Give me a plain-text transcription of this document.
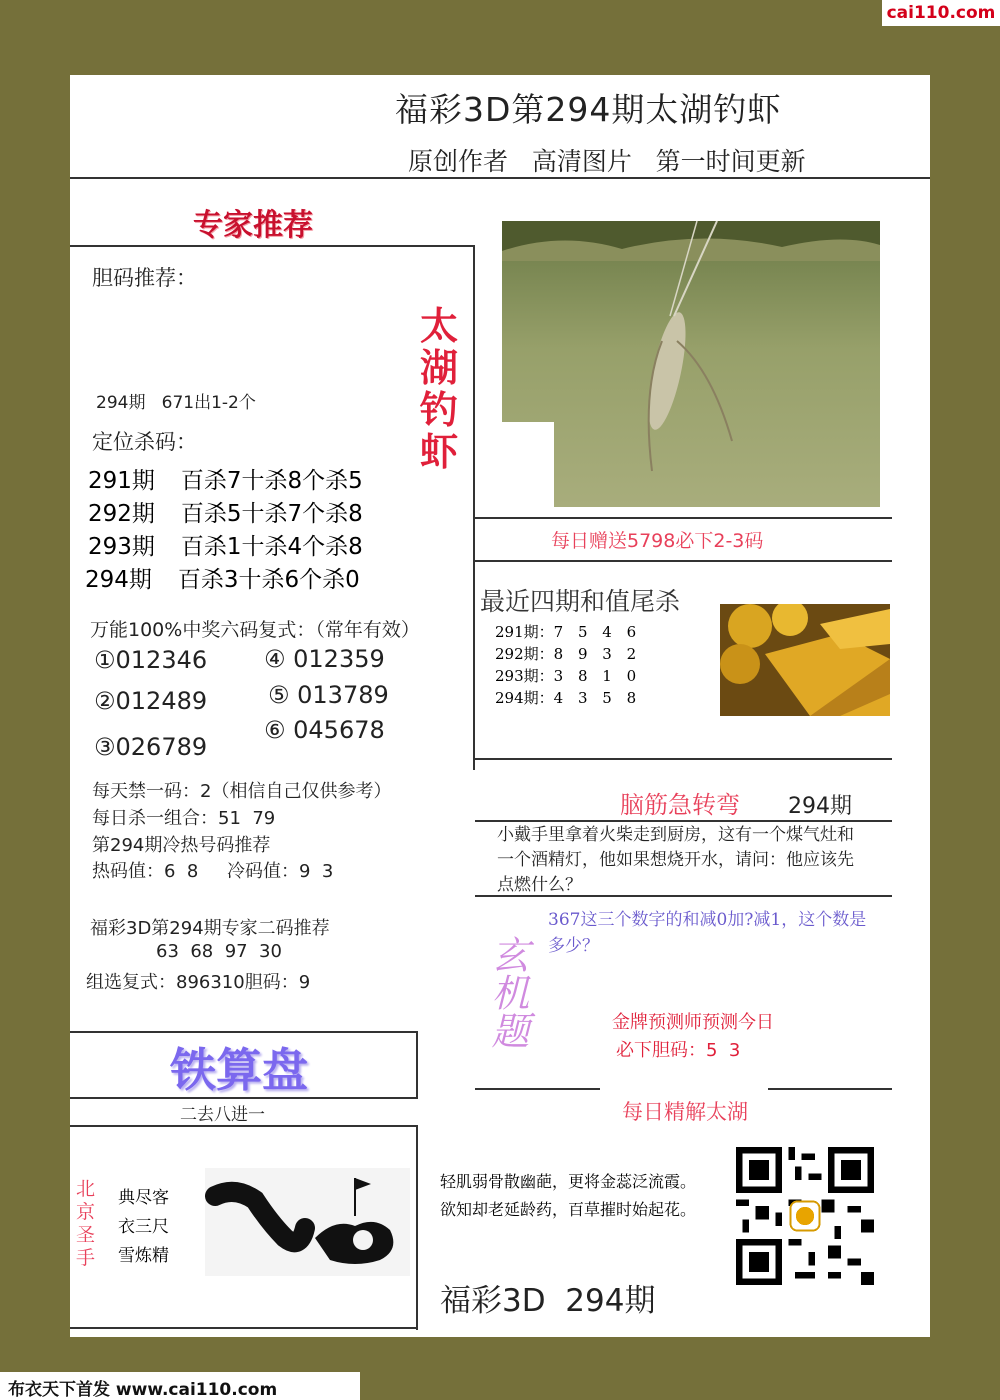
cai110.com
福彩3D第294期太湖钓虾
原创作者   高清图片   第一时间更新
专家推荐
胆码推荐：
太
湖
钓
虾
294期   671出1-2个
定位杀码：
291期 百杀7十杀8个杀5
292期 百杀5十杀7个杀8
293期 百杀1十杀4个杀8
294期 百杀3十杀6个杀0
万能100%中奖六码复式：（常年有效）
①012346 ④ 012359
②012489	⑤ 013789
③026789
⑥ 045678
每天禁一码：2（相信自己仅供参考）
每日杀一组合：51  79
第294期冷热号码推荐
热码值：6  8     冷码值：9  3
福彩3D第294期专家二码推荐
63  68  97  30
组选复式：896310胆码：9
铁算盘
二去八进一
北
京
圣
手
典尽客
衣三尺
雪炼精
每日赠送5798必下2-3码
最近四期和值尾杀
291期：7 5 4 6
292期：8 9 3 2
293期：3 8 1 0
294期：4 3 5 8
脑筋急转弯 294期
小戴手里拿着火柴走到厨房，这有一个煤气灶和一个酒精灯，他如果想烧开水，请问：他应该先点燃什么？
玄机题
367这三个数字的和减0加?减1，这个数是多少？
金牌预测师预测今日
必下胆码：5  3
每日精解太湖
轻肌弱骨散幽葩，更将金蕊泛流霞。
欲知却老延龄药，百草摧时始起花。
福彩3D  294期
布衣天下首发 www.cai110.com
